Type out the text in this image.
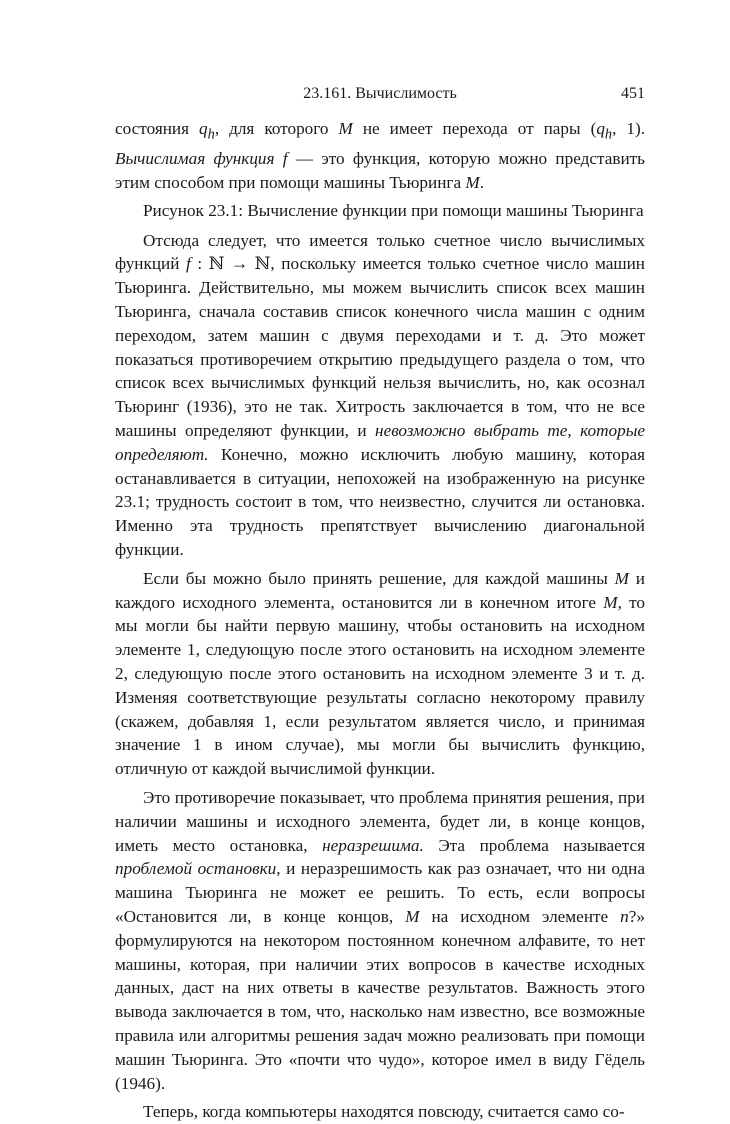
23.161. Вычислимость	451

состояния $q_h$, для которого M не имеет перехода от пары ($q_h$, 1). Вычислимая функция f — это функция, которую можно представить этим способом при помощи машины Тьюринга M.

Рисунок 23.1: Вычисление функции при помощи машины Тьюринга

Отсюда следует, что имеется только счетное число вычислимых функций f : ℕ → ℕ, поскольку имеется только счетное число машин Тьюринга. Действительно, мы можем вычислить список всех машин Тьюринга, сначала составив список конечного числа машин с одним переходом, затем машин с двумя переходами и т. д. Это может показаться противоречием открытию предыдущего раздела о том, что список всех вычислимых функций нельзя вычислить, но, как осознал Тьюринг (1936), это не так. Хитрость заключается в том, что не все машины определяют функции, и невозможно выбрать те, которые определяют. Конечно, можно исключить любую машину, которая останавливается в ситуации, непохожей на изображенную на рисунке 23.1; трудность состоит в том, что неизвестно, случится ли остановка. Именно эта трудность препятствует вычислению диагональной функции.

Если бы можно было принять решение, для каждой машины M и каждого исходного элемента, остановится ли в конечном итоге M, то мы могли бы найти первую машину, чтобы остановить на исходном элементе 1, следующую после этого остановить на исходном элементе 2, следующую после этого остановить на исходном элементе 3 и т. д. Изменяя соответствующие результаты согласно некоторому правилу (скажем, добавляя 1, если результатом является число, и принимая значение 1 в ином случае), мы могли бы вычислить функцию, отличную от каждой вычислимой функции.

Это противоречие показывает, что проблема принятия решения, при наличии машины и исходного элемента, будет ли, в конце концов, иметь место остановка, неразрешима. Эта проблема называется проблемой остановки, и неразрешимость как раз означает, что ни одна машина Тьюринга не может ее решить. То есть, если вопросы «Остановится ли, в конце концов, M на исходном элементе n?» формулируются на некотором постоянном конечном алфавите, то нет машины, которая, при наличии этих вопросов в качестве исходных данных, даст на них ответы в качестве результатов. Важность этого вывода заключается в том, что, насколько нам известно, все возможные правила или алгоритмы решения задач можно реализовать при помощи машин Тьюринга. Это «почти что чудо», которое имел в виду Гёдель (1946).

Теперь, когда компьютеры находятся повсюду, считается само со-
